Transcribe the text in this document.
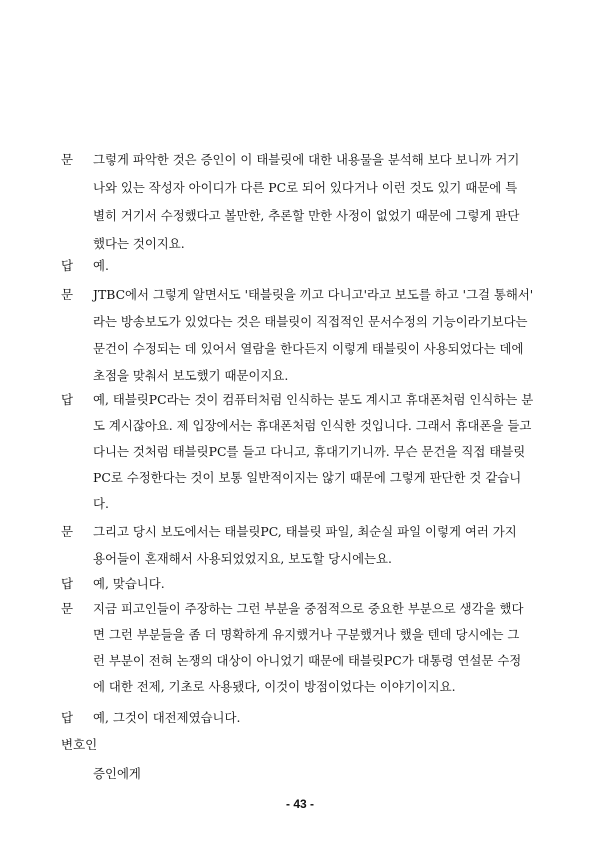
문 그렇게 파악한 것은 증인이 이 태블릿에 대한 내용물을 분석해 보다 보니까 거기
나와 있는 작성자 아이디가 다른 PC로 되어 있다거나 이런 것도 있기 때문에 특
별히 거기서 수정했다고 볼만한, 추론할 만한 사정이 없었기 때문에 그렇게 판단
했다는 것이지요.
답 예.
문 JTBC에서 그렇게 알면서도 '태블릿을 끼고 다니고'라고 보도를 하고 '그걸 통해서'
라는 방송보도가 있었다는 것은 태블릿이 직접적인 문서수정의 기능이라기보다는
문건이 수정되는 데 있어서 열람을 한다든지 이렇게 태블릿이 사용되었다는 데에
초점을 맞춰서 보도했기 때문이지요.
답 예, 태블릿PC라는 것이 컴퓨터처럼 인식하는 분도 계시고 휴대폰처럼 인식하는 분
도 계시잖아요. 제 입장에서는 휴대폰처럼 인식한 것입니다. 그래서 휴대폰을 들고
다니는 것처럼 태블릿PC를 들고 다니고, 휴대기기니까. 무슨 문건을 직접 태블릿
PC로 수정한다는 것이 보통 일반적이지는 않기 때문에 그렇게 판단한 것 같습니
다.
문 그리고 당시 보도에서는 태블릿PC, 태블릿 파일, 최순실 파일 이렇게 여러 가지
용어들이 혼재해서 사용되었었지요, 보도할 당시에는요.
답 예, 맞습니다.
문 지금 피고인들이 주장하는 그런 부분을 중점적으로 중요한 부분으로 생각을 했다
면 그런 부분들을 좀 더 명확하게 유지했거나 구분했거나 했을 텐데 당시에는 그
런 부분이 전혀 논쟁의 대상이 아니었기 때문에 태블릿PC가 대통령 연설문 수정
에 대한 전제, 기초로 사용됐다, 이것이 방점이었다는 이야기이지요.
답 예, 그것이 대전제였습니다.
변호인
증인에게
- 43 -
